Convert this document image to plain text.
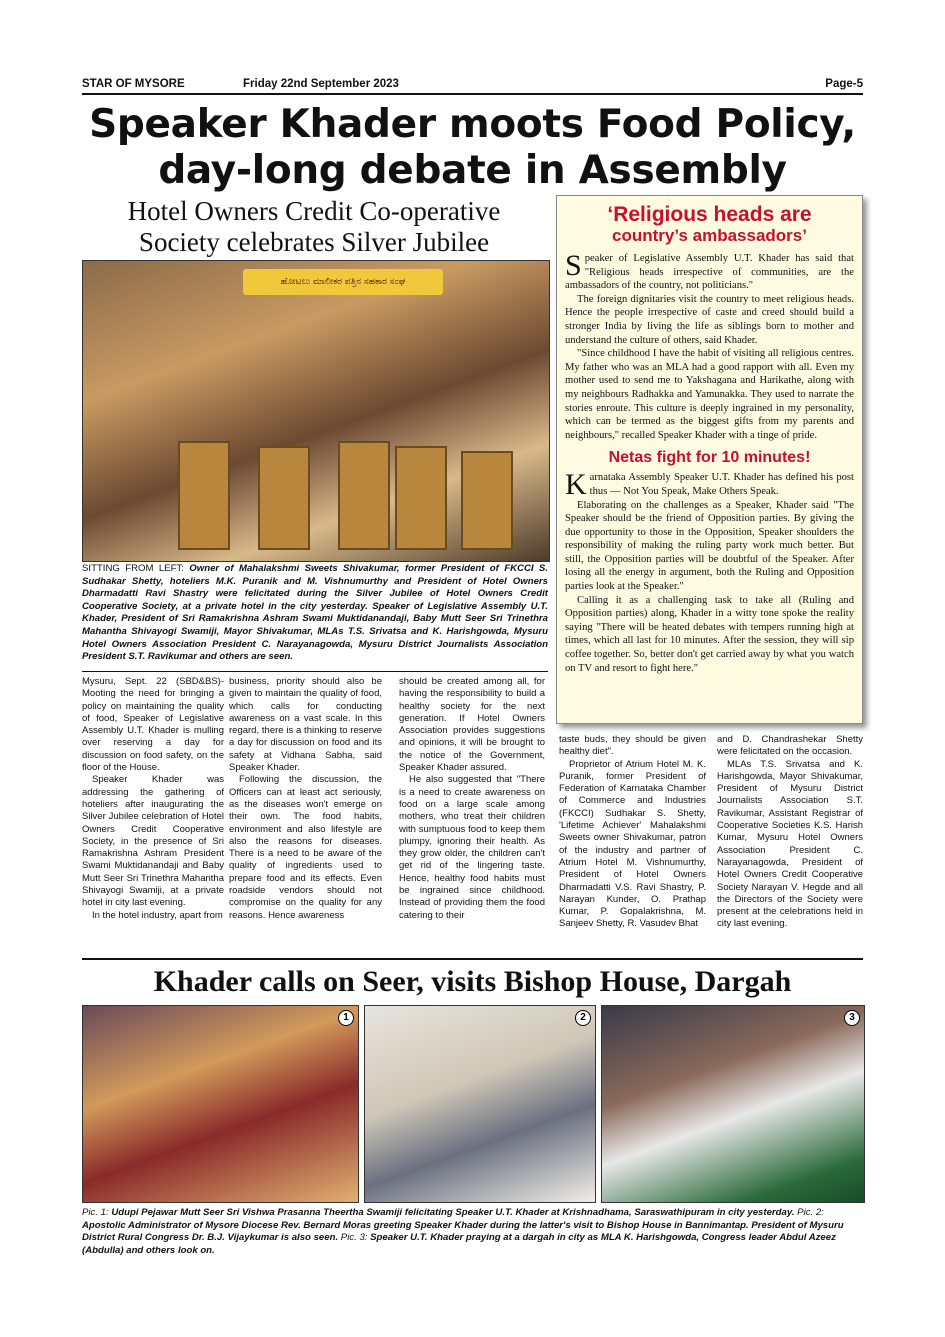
STAR OF MYSORE	Friday 22nd September 2023	Page-5
Speaker Khader moots Food Policy,
day-long debate in Assembly
Hotel Owners Credit Co-operative
Society celebrates Silver Jubilee
ಹೋಟಲು ಮಾಲೀಕರ ಪತ್ತಿನ ಸಹಕಾರ ಸಂಘ
SITTING FROM LEFT: Owner of Mahalakshmi Sweets Shivakumar, former President of FKCCI S. Sudhakar Shetty, hoteliers M.K. Puranik and M. Vishnumurthy and President of Hotel Owners Dharmadatti Ravi Shastry were felicitated during the Silver Jubilee of Hotel Owners Credit Cooperative Society, at a private hotel in the city yesterday. Speaker of Legislative Assembly U.T. Khader, President of Sri Ramakrishna Ashram Swami Muktidanandaji, Baby Mutt Seer Sri Trinethra Mahantha Shivayogi Swamiji, Mayor Shivakumar, MLAs T.S. Srivatsa and K. Harishgowda, Mysuru Hotel Owners Association President C. Narayanagowda, Mysuru District Journalists Association President S.T. Ravikumar and others are seen.

Mysuru, Sept. 22 (SBD&BS)- Mooting the need for bringing a policy on maintaining the quality of food, Speaker of Legislative Assembly U.T. Khader is mulling over reserving a day for discussion on food safety, on the floor of the House.

Speaker Khader was addressing the gathering of hoteliers after inaugurating the Silver Jubilee celebration of Hotel Owners Credit Cooperative Society, in the presence of Sri Ramakrishna Ashram President Swami Muktidanandaji and Baby Mutt Seer Sri Trinethra Mahantha Shivayogi Swamiji, at a private hotel in city last evening.

In the hotel industry, apart from

business, priority should also be given to maintain the quality of food, which calls for conducting awareness on a vast scale. In this regard, there is a thinking to reserve a day for discussion on food and its safety at Vidhana Sabha, said Speaker Khader.

Following the discussion, the Officers can at least act seriously, as the diseases won't emerge on their own. The food habits, environment and also lifestyle are also the reasons for diseases. There is a need to be aware of the quality of ingredients used to prepare food and its effects. Even roadside vendors should not compromise on the quality for any reasons. Hence awareness

should be created among all, for having the responsibility to build a healthy society for the next generation. If Hotel Owners Association provides suggestions and opinions, it will be brought to the notice of the Government, Speaker Khader assured.

He also suggested that "There is a need to create awareness on food on a large scale among mothers, who treat their children with sumptuous food to keep them plumpy, ignoring their health. As they grow older, the children can't get rid of the lingering taste. Hence, healthy food habits must be ingrained since childhood. Instead of providing them the food catering to their

taste buds, they should be given healthy diet".

Proprietor of Atrium Hotel M. K. Puranik, former President of Federation of Karnataka Chamber of Commerce and Industries (FKCCI) Sudhakar S. Shetty, 'Lifetime Achiever' Mahalakshmi Sweets owner Shivakumar, patron of the industry and partner of Atrium Hotel M. Vishnumurthy, President of Hotel Owners Dharmadatti V.S. Ravi Shastry, P. Narayan Kunder, O. Prathap Kumar, P. Gopalakrishna, M. Sanjeev Shetty, R. Vasudev Bhat

and D. Chandrashekar Shetty were felicitated on the occasion.

MLAs T.S. Srivatsa and K. Harishgowda, Mayor Shivakumar, President of Mysuru District Journalists Association S.T. Ravikumar, Assistant Registrar of Cooperative Societies K.S. Harish Kumar, Mysuru Hotel Owners Association President C. Narayanagowda, President of Hotel Owners Credit Cooperative Society Narayan V. Hegde and all the Directors of the Society were present at the celebrations held in city last evening.

‘Religious heads are
country’s ambassadors’

Speaker of Legislative Assembly U.T. Khader has said that "Religious heads irrespective of communities, are the ambassadors of the country, not politicians."

The foreign dignitaries visit the country to meet religious heads. Hence the people irrespective of caste and creed should build a stronger India by living the life as siblings born to mother and understand the culture of others, said Khader.

"Since childhood I have the habit of visiting all religious centres. My father who was an MLA had a good rapport with all. Even my mother used to send me to Yakshagana and Harikathe, along with my neighbours Radhakka and Yamunakka. They used to narrate the stories enroute. This culture is deeply ingrained in my personality, which can be termed as the biggest gifts from my parents and neighbours," recalled Speaker Khader with a tinge of pride.

Netas fight for 10 minutes!

Karnataka Assembly Speaker U.T. Khader has defined his post thus — Not You Speak, Make Others Speak.

Elaborating on the challenges as a Speaker, Khader said "The Speaker should be the friend of Opposition parties. By giving the due opportunity to those in the Opposition, Speaker shoulders the responsibility of making the ruling party work much better. But still, the Opposition parties will be doubtful of the Speaker. After losing all the energy in argument, both the Ruling and Opposition parties look at the Speaker."

Calling it as a challenging task to take all (Ruling and Opposition parties) along, Khader in a witty tone spoke the reality saying "There will be heated debates with tempers running high at times, which all last for 10 minutes. After the session, they will sip coffee together. So, better don't get carried away by what you watch on TV and resort to fight here."

Khader calls on Seer, visits Bishop House, Dargah
1	2	3
Pic. 1: Udupi Pejawar Mutt Seer Sri Vishwa Prasanna Theertha Swamiji felicitating Speaker U.T. Khader at Krishnadhama, Saraswathipuram in city yesterday. Pic. 2: Apostolic Administrator of Mysore Diocese Rev. Bernard Moras greeting Speaker Khader during the latter's visit to Bishop House in Bannimantap. President of Mysuru District Rural Congress Dr. B.J. Vijaykumar is also seen. Pic. 3: Speaker U.T. Khader praying at a dargah in city as MLA K. Harishgowda, Congress leader Abdul Azeez (Abdulla) and others look on.
